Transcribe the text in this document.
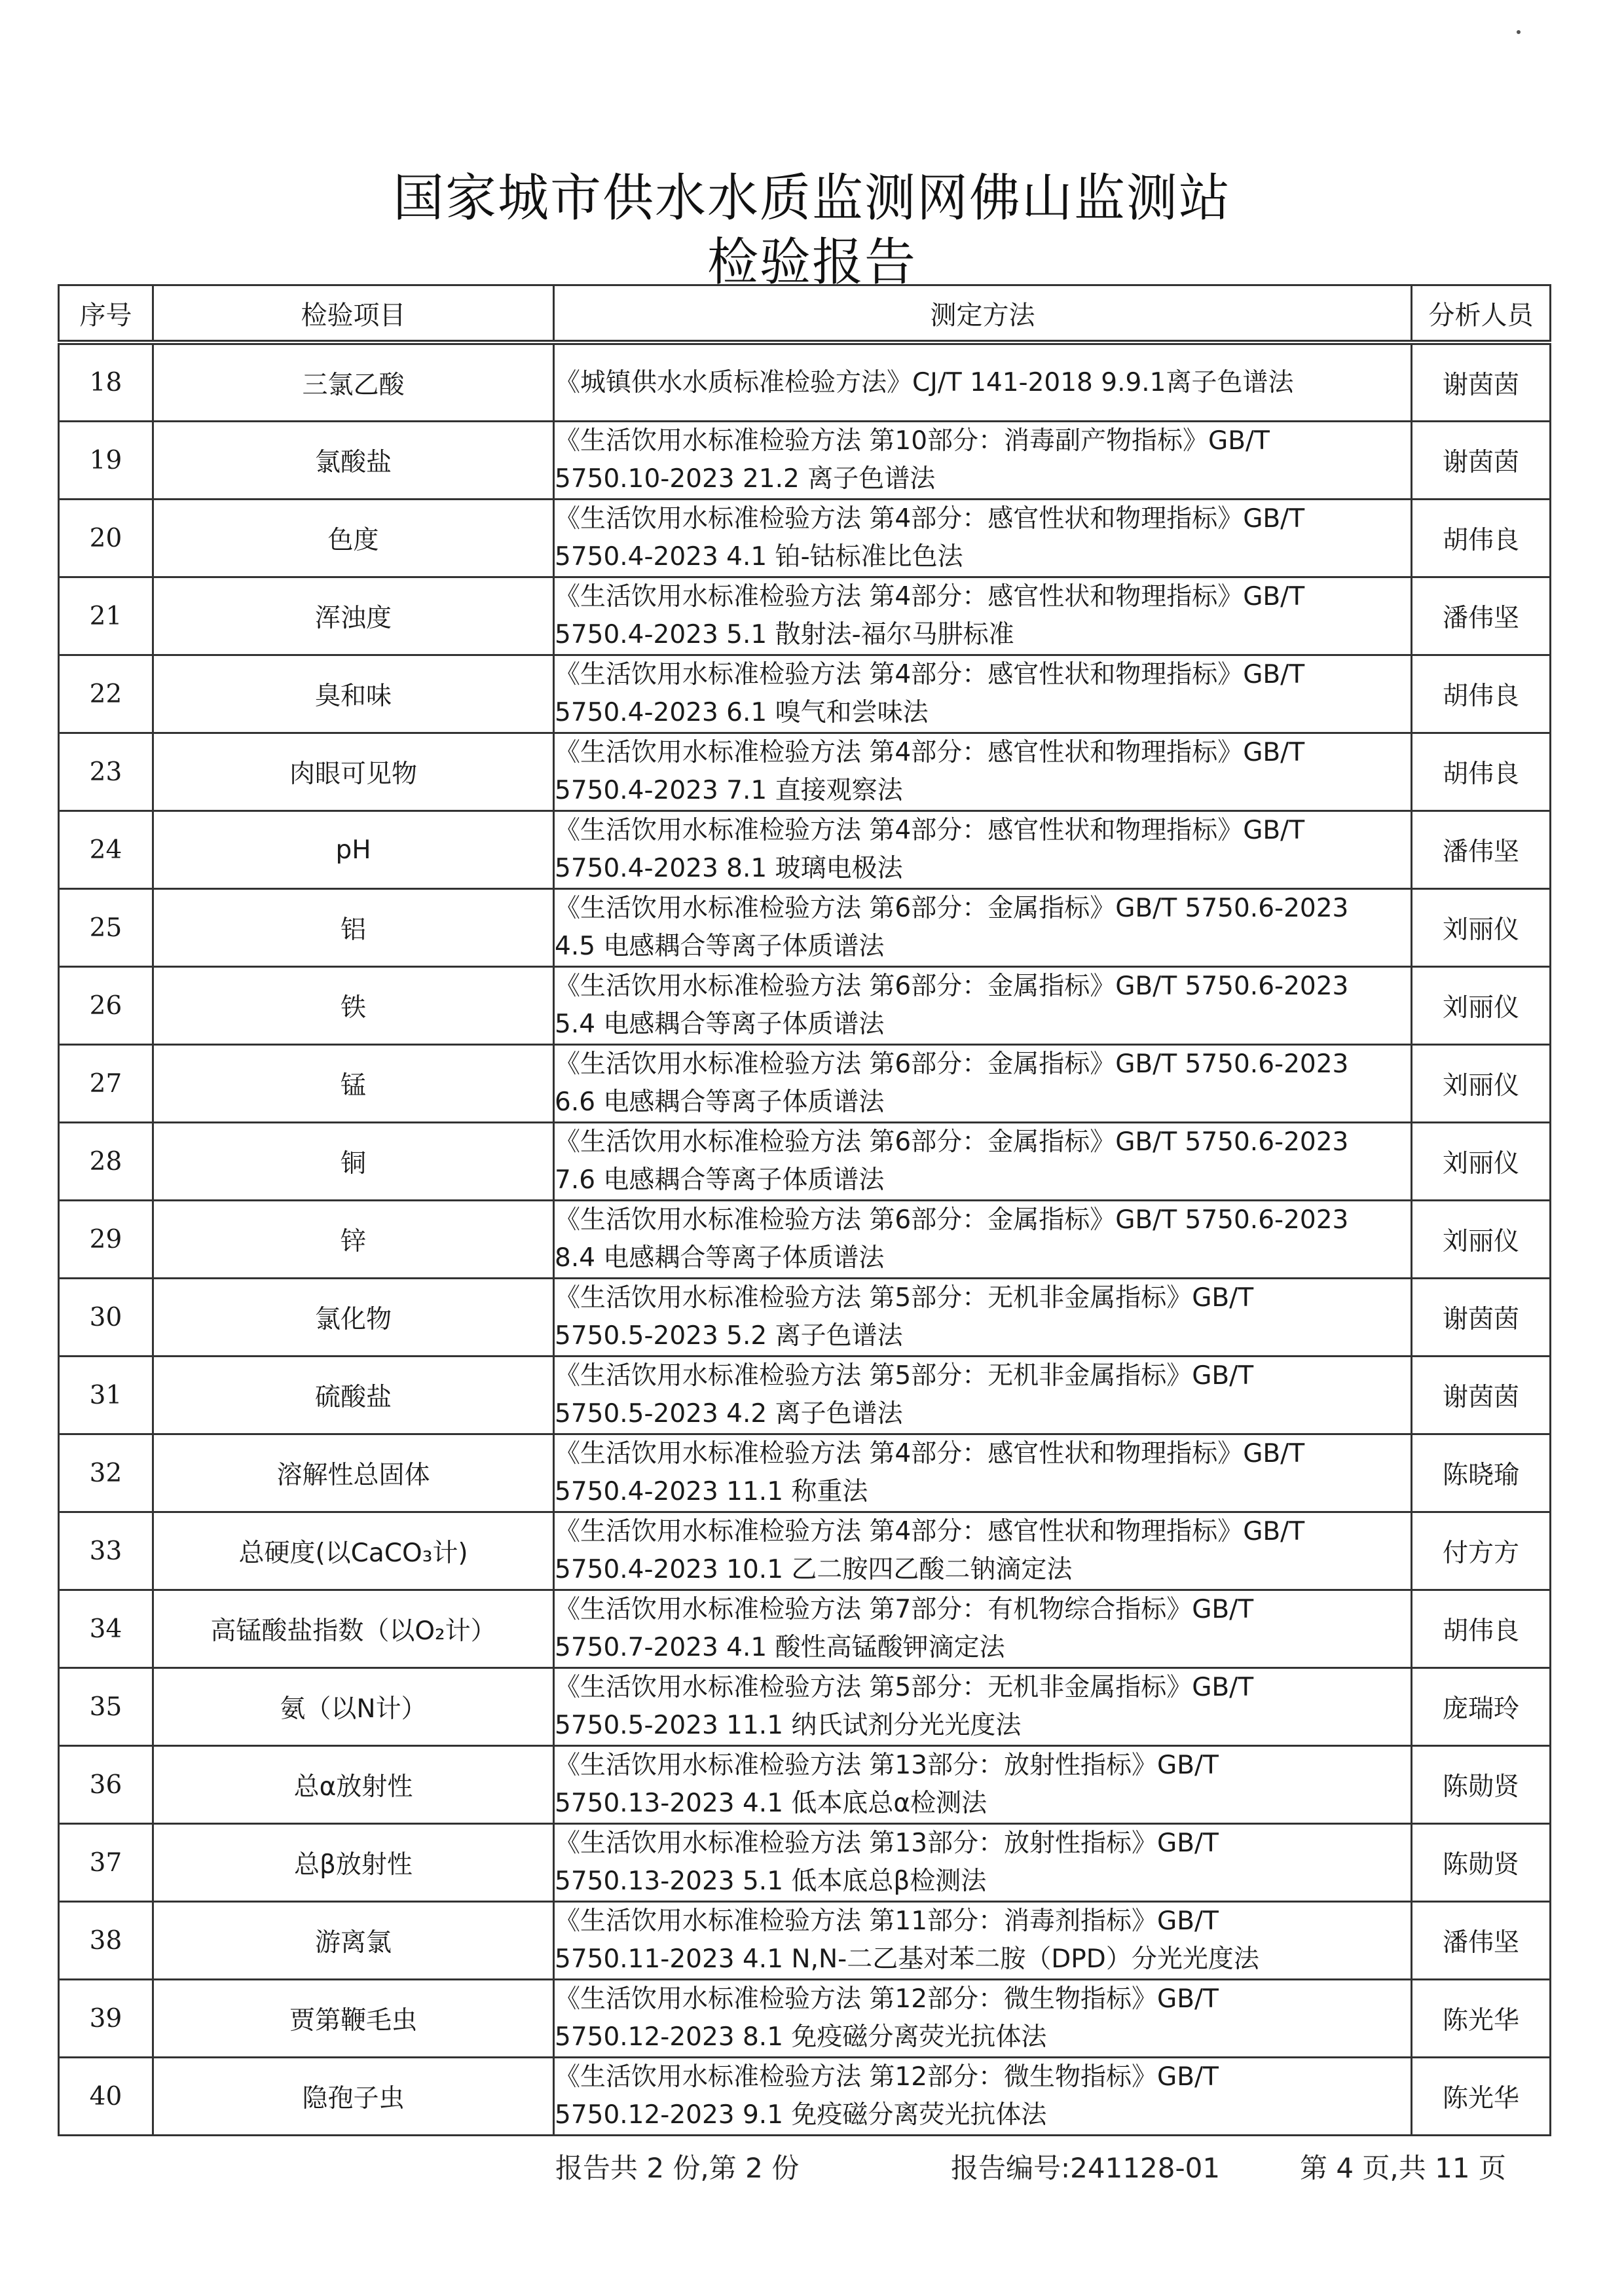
国家城市供水水质监测网佛山监测站
检验报告
序号	检验项目	测定方法	分析人员
18	三氯乙酸	《城镇供水水质标准检验方法》CJ/T 141-2018 9.9.1离子色谱法	谢茵茵
19	氯酸盐	《生活饮用水标准检验方法 第10部分：消毒副产物指标》GB/T
5750.10-2023 21.2 离子色谱法	谢茵茵
20	色度	《生活饮用水标准检验方法 第4部分：感官性状和物理指标》GB/T
5750.4-2023 4.1 铂-钴标准比色法	胡伟良
21	浑浊度	《生活饮用水标准检验方法 第4部分：感官性状和物理指标》GB/T
5750.4-2023 5.1 散射法-福尔马肼标准	潘伟坚
22	臭和味	《生活饮用水标准检验方法 第4部分：感官性状和物理指标》GB/T
5750.4-2023 6.1 嗅气和尝味法	胡伟良
23	肉眼可见物	《生活饮用水标准检验方法 第4部分：感官性状和物理指标》GB/T
5750.4-2023 7.1 直接观察法	胡伟良
24	pH	《生活饮用水标准检验方法 第4部分：感官性状和物理指标》GB/T
5750.4-2023 8.1 玻璃电极法	潘伟坚
25	铝	《生活饮用水标准检验方法 第6部分：金属指标》GB/T 5750.6-2023
4.5 电感耦合等离子体质谱法	刘丽仪
26	铁	《生活饮用水标准检验方法 第6部分：金属指标》GB/T 5750.6-2023
5.4 电感耦合等离子体质谱法	刘丽仪
27	锰	《生活饮用水标准检验方法 第6部分：金属指标》GB/T 5750.6-2023
6.6 电感耦合等离子体质谱法	刘丽仪
28	铜	《生活饮用水标准检验方法 第6部分：金属指标》GB/T 5750.6-2023
7.6 电感耦合等离子体质谱法	刘丽仪
29	锌	《生活饮用水标准检验方法 第6部分：金属指标》GB/T 5750.6-2023
8.4 电感耦合等离子体质谱法	刘丽仪
30	氯化物	《生活饮用水标准检验方法 第5部分：无机非金属指标》GB/T
5750.5-2023 5.2 离子色谱法	谢茵茵
31	硫酸盐	《生活饮用水标准检验方法 第5部分：无机非金属指标》GB/T
5750.5-2023 4.2 离子色谱法	谢茵茵
32	溶解性总固体	《生活饮用水标准检验方法 第4部分：感官性状和物理指标》GB/T
5750.4-2023 11.1 称重法	陈晓瑜
33	总硬度(以CaCO₃计)	《生活饮用水标准检验方法 第4部分：感官性状和物理指标》GB/T
5750.4-2023 10.1 乙二胺四乙酸二钠滴定法	付方方
34	高锰酸盐指数（以O₂计）	《生活饮用水标准检验方法 第7部分：有机物综合指标》GB/T
5750.7-2023 4.1 酸性高锰酸钾滴定法	胡伟良
35	氨（以N计）	《生活饮用水标准检验方法 第5部分：无机非金属指标》GB/T
5750.5-2023 11.1 纳氏试剂分光光度法	庞瑞玲
36	总α放射性	《生活饮用水标准检验方法 第13部分：放射性指标》GB/T
5750.13-2023 4.1 低本底总α检测法	陈勋贤
37	总β放射性	《生活饮用水标准检验方法 第13部分：放射性指标》GB/T
5750.13-2023 5.1 低本底总β检测法	陈勋贤
38	游离氯	《生活饮用水标准检验方法 第11部分：消毒剂指标》GB/T
5750.11-2023 4.1 N,N-二乙基对苯二胺（DPD）分光光度法	潘伟坚
39	贾第鞭毛虫	《生活饮用水标准检验方法 第12部分：微生物指标》GB/T
5750.12-2023 8.1 免疫磁分离荧光抗体法	陈光华
40	隐孢子虫	《生活饮用水标准检验方法 第12部分：微生物指标》GB/T
5750.12-2023 9.1 免疫磁分离荧光抗体法	陈光华
报告共 2 份,第 2 份	报告编号:241128-01	第 4 页,共 11 页
